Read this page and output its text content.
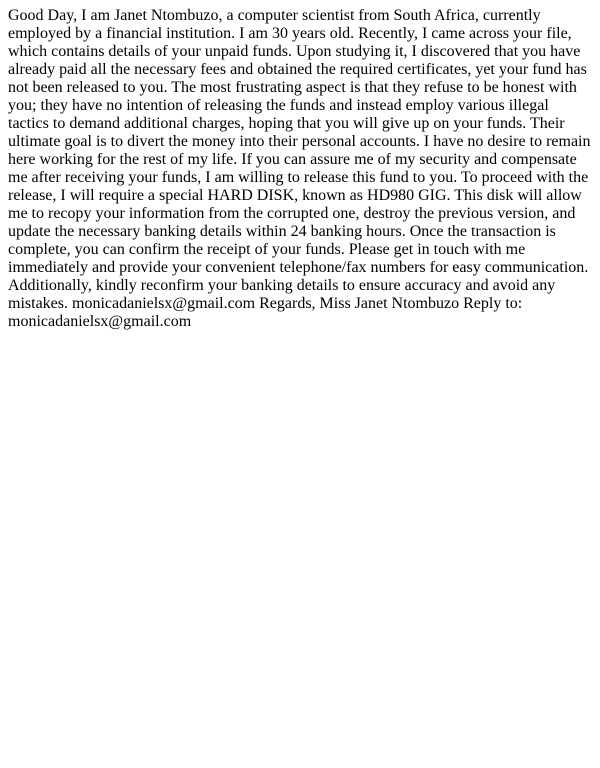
Good Day, I am Janet Ntombuzo, a computer scientist from South Africa, currently employed by a financial institution. I am 30 years old. Recently, I came across your file, which contains details of your unpaid funds. Upon studying it, I discovered that you have already paid all the necessary fees and obtained the required certificates, yet your fund has not been released to you. The most frustrating aspect is that they refuse to be honest with you; they have no intention of releasing the funds and instead employ various illegal tactics to demand additional charges, hoping that you will give up on your funds. Their ultimate goal is to divert the money into their personal accounts. I have no desire to remain here working for the rest of my life. If you can assure me of my security and compensate me after receiving your funds, I am willing to release this fund to you. To proceed with the release, I will require a special HARD DISK, known as HD980 GIG. This disk will allow me to recopy your information from the corrupted one, destroy the previous version, and update the necessary banking details within 24 banking hours. Once the transaction is complete, you can confirm the receipt of your funds. Please get in touch with me immediately and provide your convenient telephone/fax numbers for easy communication. Additionally, kindly reconfirm your banking details to ensure accuracy and avoid any mistakes. monicadanielsx@gmail.com Regards, Miss Janet Ntombuzo Reply to: monicadanielsx@gmail.com
